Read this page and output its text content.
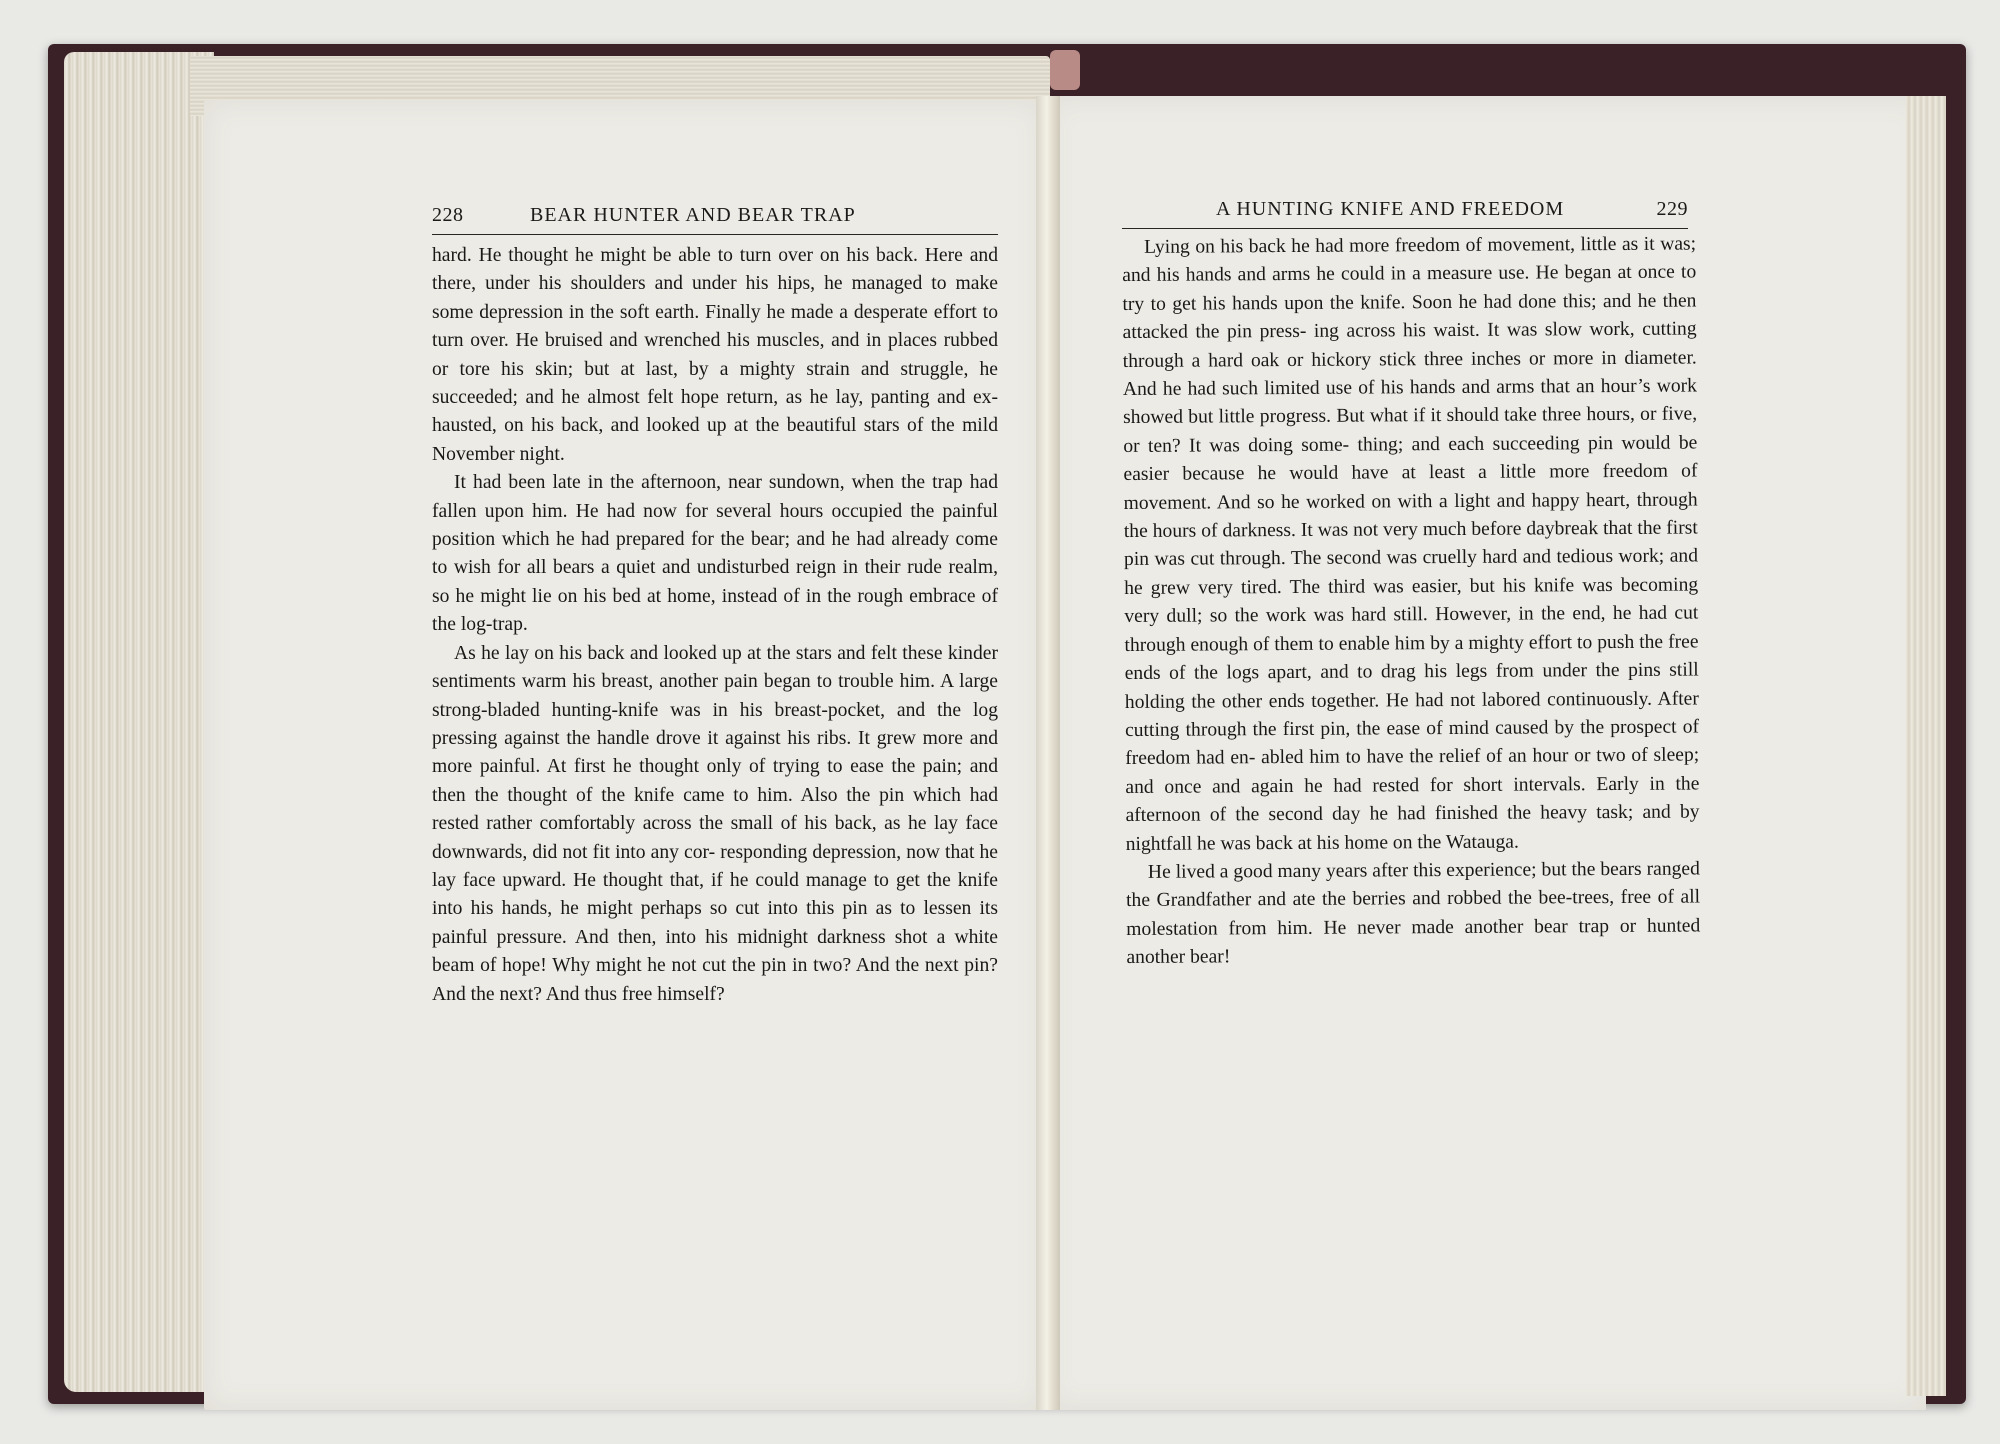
228	BEAR HUNTER AND BEAR TRAP

hard. He thought he might be able to turn over on his back. Here and there, under his shoulders and under his hips, he managed to make some depression in the soft earth. Finally he made a desperate effort to turn over. He bruised and wrenched his muscles, and in places rubbed or tore his skin; but at last, by a mighty strain and struggle, he succeeded; and he almost felt hope return, as he lay, panting and ex- hausted, on his back, and looked up at the beautiful stars of the mild November night.

It had been late in the afternoon, near sundown, when the trap had fallen upon him. He had now for several hours occupied the painful position which he had prepared for the bear; and he had already come to wish for all bears a quiet and undisturbed reign in their rude realm, so he might lie on his bed at home, instead of in the rough embrace of the log-trap.

As he lay on his back and looked up at the stars and felt these kinder sentiments warm his breast, another pain began to trouble him. A large strong-bladed hunting-knife was in his breast-pocket, and the log pressing against the handle drove it against his ribs. It grew more and more painful. At first he thought only of trying to ease the pain; and then the thought of the knife came to him. Also the pin which had rested rather comfortably across the small of his back, as he lay face downwards, did not fit into any cor- responding depression, now that he lay face upward. He thought that, if he could manage to get the knife into his hands, he might perhaps so cut into this pin as to lessen its painful pressure. And then, into his midnight darkness shot a white beam of hope! Why might he not cut the pin in two? And the next pin? And the next? And thus free himself?

A HUNTING KNIFE AND FREEDOM	229

Lying on his back he had more freedom of movement, little as it was; and his hands and arms he could in a measure use. He began at once to try to get his hands upon the knife. Soon he had done this; and he then attacked the pin press- ing across his waist. It was slow work, cutting through a hard oak or hickory stick three inches or more in diameter. And he had such limited use of his hands and arms that an hour’s work showed but little progress. But what if it should take three hours, or five, or ten? It was doing some- thing; and each succeeding pin would be easier because he would have at least a little more freedom of movement. And so he worked on with a light and happy heart, through the hours of darkness. It was not very much before daybreak that the first pin was cut through. The second was cruelly hard and tedious work; and he grew very tired. The third was easier, but his knife was becoming very dull; so the work was hard still. However, in the end, he had cut through enough of them to enable him by a mighty effort to push the free ends of the logs apart, and to drag his legs from under the pins still holding the other ends together. He had not labored continuously. After cutting through the first pin, the ease of mind caused by the prospect of freedom had en- abled him to have the relief of an hour or two of sleep; and once and again he had rested for short intervals. Early in the afternoon of the second day he had finished the heavy task; and by nightfall he was back at his home on the Watauga.

He lived a good many years after this experience; but the bears ranged the Grandfather and ate the berries and robbed the bee-trees, free of all molestation from him. He never made another bear trap or hunted another bear!
